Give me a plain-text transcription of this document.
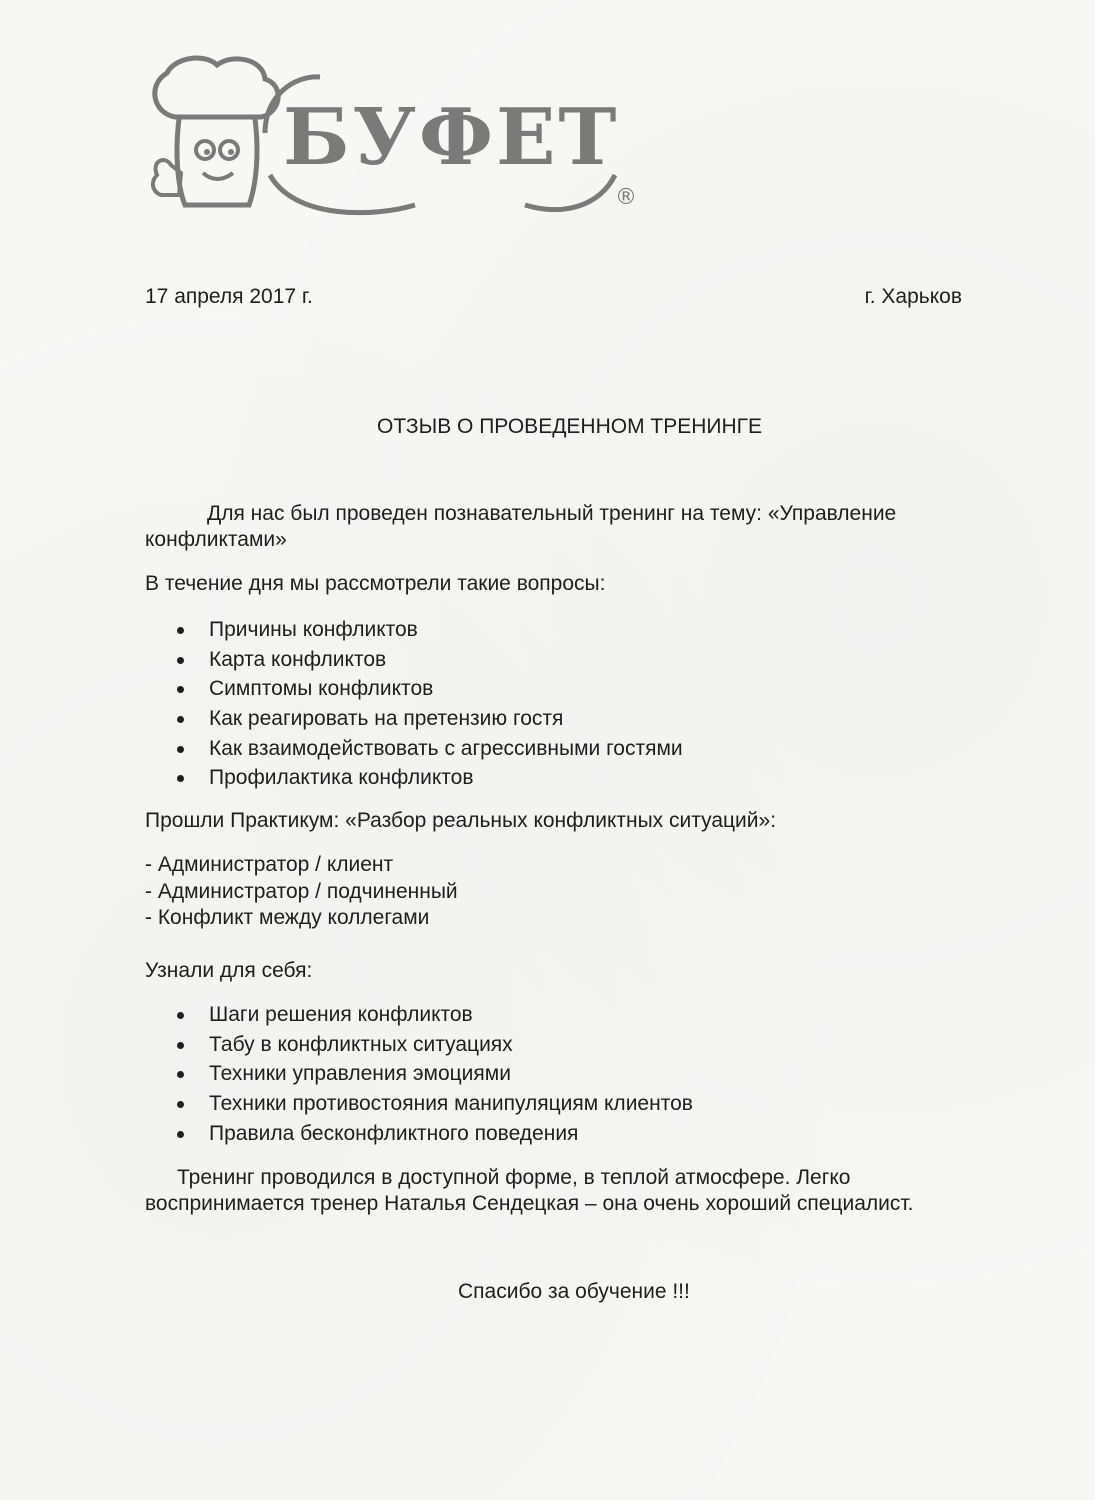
БУФЕТ
®
17 апреля 2017 г.	г. Харьков
ОТЗЫВ О ПРОВЕДЕННОМ ТРЕНИНГЕ
Для нас был проведен познавательный тренинг на тему: «Управление конфликтами»
В течение дня мы рассмотрели такие вопросы:
Причины конфликтов
Карта конфликтов
Симптомы конфликтов
Как реагировать на претензию гостя
Как взаимодействовать с агрессивными гостями
Профилактика конфликтов
Прошли Практикум: «Разбор реальных конфликтных ситуаций»:
- Администратор / клиент
- Администратор / подчиненный
- Конфликт между коллегами
Узнали для себя:
Шаги решения конфликтов
Табу в конфликтных ситуациях
Техники управления эмоциями
Техники противостояния манипуляциям клиентов
Правила бесконфликтного поведения
Тренинг проводился в доступной форме, в теплой атмосфере. Легко воспринимается тренер Наталья Сендецкая – она очень хороший специалист.
Спасибо за обучение !!!
